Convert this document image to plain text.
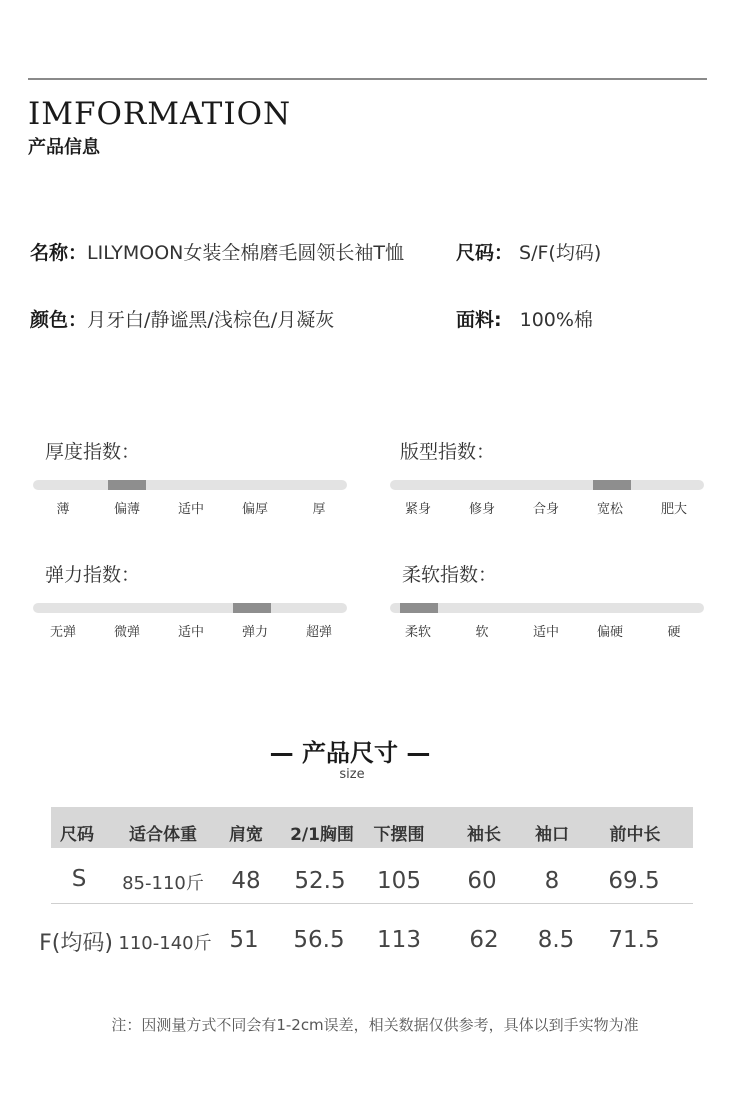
IMFORMATION
产品信息
名称：LILYMOON女装全棉磨毛圆领长袖T恤	尺码： S/F(均码)
颜色：月牙白/静谧黑/浅棕色/月凝灰	面料: 100%棉
厚度指数：
薄	偏薄	适中	偏厚	厚
版型指数：
紧身	修身	合身	宽松	肥大
弹力指数：
无弹	微弹	适中	弹力	超弹
柔软指数：
柔软	软	适中	偏硬	硬
— 产品尺寸 —
size
尺码	适合体重	肩宽	2/1胸围	下摆围	袖长	袖口	前中长
S	85-110斤	48	52.5	105	60	8	69.5
F(均码) 110-140斤 51	56.5	113	62	8.5	71.5
注：因测量方式不同会有1-2cm误差，相关数据仅供参考，具体以到手实物为准
